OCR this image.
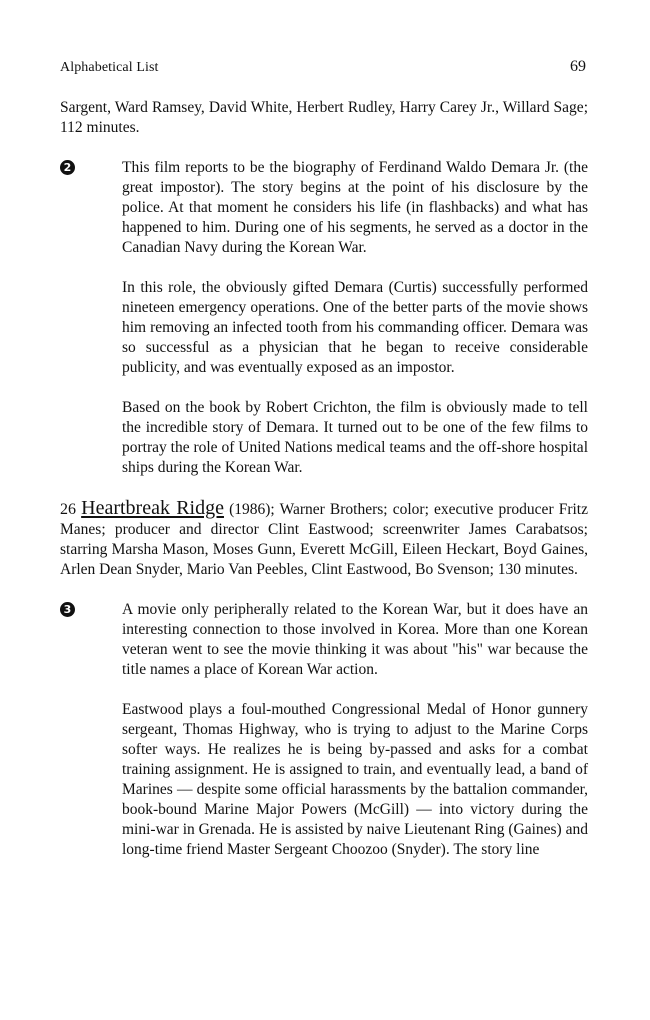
Alphabetical List	69

Sargent, Ward Ramsey, David White, Herbert Rudley, Harry Carey Jr., Willard Sage; 112 minutes.

2	This film reports to be the biography of Ferdinand Waldo Demara Jr. (the great impostor). The story begins at the point of his disclosure by the police. At that moment he considers his life (in flashbacks) and what has happened to him. During one of his segments, he served as a doctor in the Canadian Navy during the Korean War.

In this role, the obviously gifted Demara (Curtis) successfully performed nineteen emergency operations. One of the better parts of the movie shows him removing an infected tooth from his commanding officer. Demara was so successful as a physician that he began to receive considerable publicity, and was eventually exposed as an impostor.

Based on the book by Robert Crichton, the film is obviously made to tell the incredible story of Demara. It turned out to be one of the few films to portray the role of United Nations medical teams and the off-shore hospital ships during the Korean War.

26 Heartbreak Ridge (1986); Warner Brothers; color; executive producer Fritz Manes; producer and director Clint Eastwood; screenwriter James Carabatsos; starring Marsha Mason, Moses Gunn, Everett McGill, Eileen Heckart, Boyd Gaines, Arlen Dean Snyder, Mario Van Peebles, Clint Eastwood, Bo Svenson; 130 minutes.

3	A movie only peripherally related to the Korean War, but it does have an interesting connection to those involved in Korea. More than one Korean veteran went to see the movie thinking it was about "his" war because the title names a place of Korean War action.

Eastwood plays a foul-mouthed Congressional Medal of Honor gunnery sergeant, Thomas Highway, who is trying to adjust to the Marine Corps softer ways. He realizes he is being by-passed and asks for a combat training assignment. He is assigned to train, and eventually lead, a band of Marines — despite some official harassments by the battalion commander, book-bound Marine Major Powers (McGill) — into victory during the mini-war in Grenada. He is assisted by naive Lieutenant Ring (Gaines) and long-time friend Master Sergeant Choozoo (Snyder). The story line
